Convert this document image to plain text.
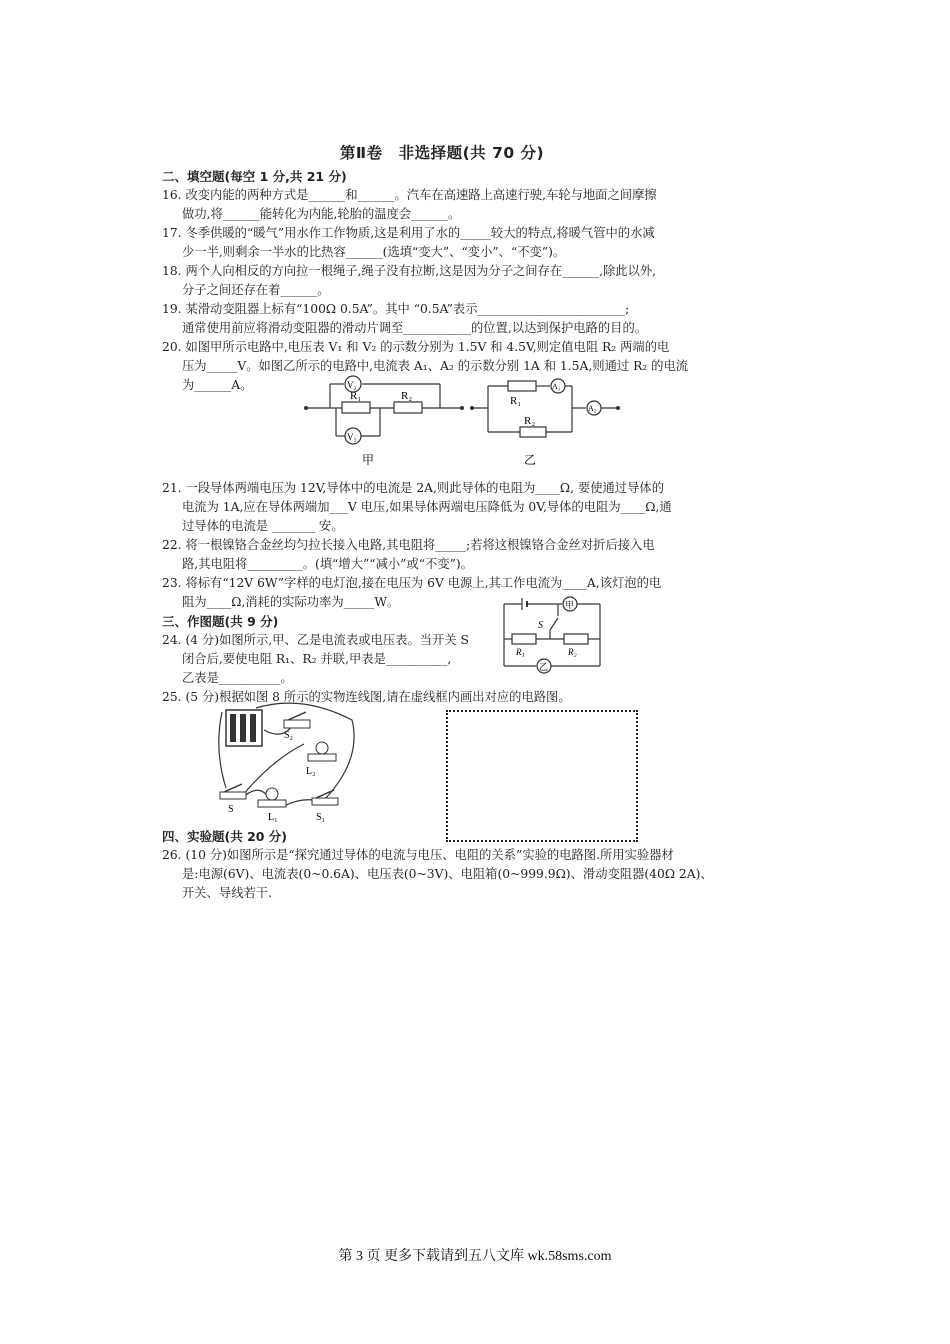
第Ⅱ卷　非选择题(共 70 分)
二、填空题(每空 1 分,共 21 分)
16. 改变内能的两种方式是______和______。汽车在高速路上高速行驶,车轮与地面之间摩擦
做功,将______能转化为内能,轮胎的温度会______。
17. 冬季供暖的“暖气”用水作工作物质,这是利用了水的_____较大的特点,将暖气管中的水减
少一半,则剩余一半水的比热容______(选填“变大”、“变小”、“不变”)。
18. 两个人向相反的方向拉一根绳子,绳子没有拉断,这是因为分子之间存在______,除此以外,
分子之间还存在着______。
19. 某滑动变阻器上标有“100Ω 0.5A”。其中 “0.5A”表示________________________;
通常使用前应将滑动变阻器的滑动片调至___________的位置,以达到保护电路的目的。
20. 如图甲所示电路中,电压表 V₁ 和 V₂ 的示数分别为 1.5V 和 4.5V,则定值电阻 R₂ 两端的电
压为_____V。如图乙所示的电路中,电流表 A₁、A₂ 的示数分别 1A 和 1.5A,则通过 R₂ 的电流
为______A。
21. 一段导体两端电压为 12V,导体中的电流是 2A,则此导体的电阻为____Ω, 要使通过导体的
电流为 1A,应在导体两端加___V 电压,如果导体两端电压降低为 0V,导体的电阻为____Ω,通
过导体的电流是 _______ 安。
22. 将一根镍铬合金丝均匀拉长接入电路,其电阻将_____;若将这根镍铬合金丝对折后接入电
路,其电阻将_________。(填“增大”“减小”或“不变”)。
23. 将标有“12V 6W”字样的电灯泡,接在电压为 6V 电源上,其工作电流为____A,该灯泡的电
阻为____Ω,消耗的实际功率为_____W。
三、作图题(共 9 分)
24. (4 分)如图所示,甲、乙是电流表或电压表。当开关 S
闭合后,要使电阻 R₁、R₂ 并联,甲表是__________,
乙表是__________。
25. (5 分)根据如图 8 所示的实物连线图,请在虚线框内画出对应的电路图。
四、实验题(共 20 分)
26. (10 分)如图所示是“探究通过导体的电流与电压、电阻的关系”实验的电路图.所用实验器材
是:电源(6V)、电流表(0~0.6A)、电压表(0~3V)、电阻箱(0~999.9Ω)、滑动变阻器(40Ω 2A)、
开关、导线若干.
R₁	R₂
V₂
V₁
甲
R₁
R₂
A₁
A₂
乙
S
R₁	R₂
甲
乙
S₂
L₂
S
L₁	S₁
第 3 页 更多下载请到五八文库 wk.58sms.com
